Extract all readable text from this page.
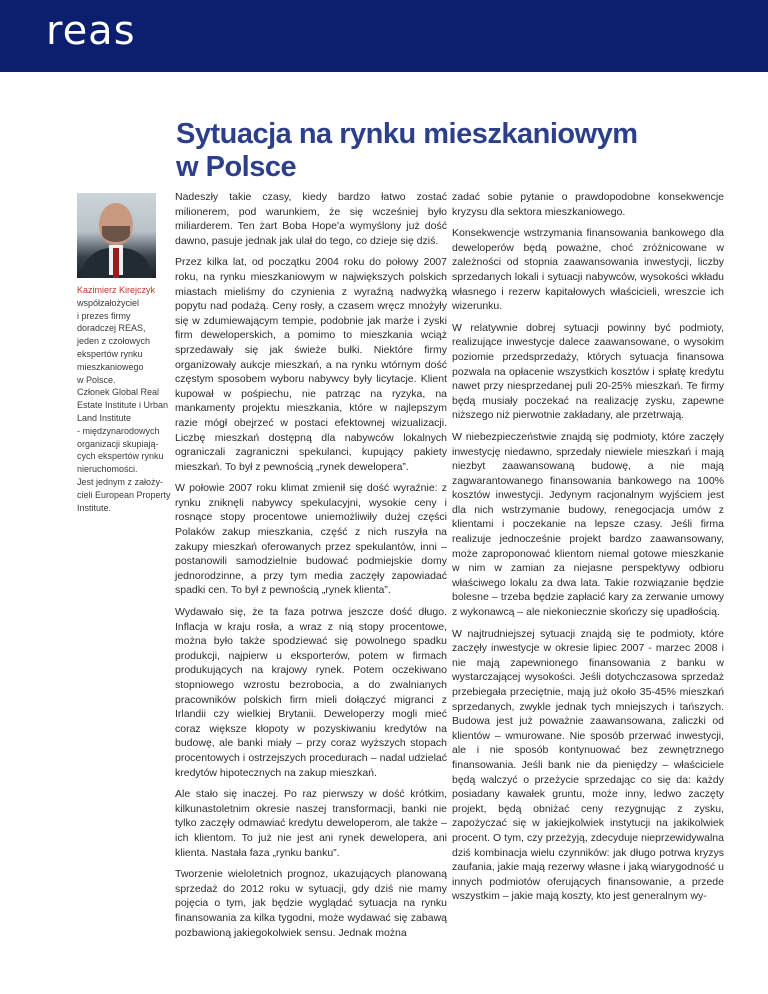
reas
Sytuacja na rynku mieszkaniowym
w Polsce
Kazimierz Kirejczyk
współzałożyciel
i prezes firmy
doradczej REAS,
jeden z czołowych
ekspertów rynku
mieszkaniowego
w Polsce.
Członek Global Real
Estate Institute i Urban
Land Institute
- międzynarodowych
organizacji skupiają-
cych ekspertów rynku
nieruchomości.
Jest jednym z założy-
cieli European Property
Institute.

Nadeszły takie czasy, kiedy bardzo łatwo zostać milionerem, pod warunkiem, że się wcześniej było miliarderem. Ten żart Boba Hope'a wymyślony już dość dawno, pasuje jednak jak ulał do tego, co dzieje się dziś.

Przez kilka lat, od początku 2004 roku do połowy 2007 roku, na rynku mieszkaniowym w największych polskich miastach mieliśmy do czynienia z wyraźną nadwyżką popytu nad podażą. Ceny rosły, a czasem wręcz mnożyły się w zdumiewającym tempie, podobnie jak marże i zyski firm deweloperskich, a pomimo to mieszkania wciąż sprzedawały się jak świeże bułki. Niektóre firmy organizowały aukcje mieszkań, a na rynku wtórnym dość częstym sposobem wyboru nabywcy były licytacje. Klient kupował w pośpiechu, nie patrząc na ryzyka, na mankamenty projektu mieszkania, które w najlepszym razie mógł obejrzeć w postaci efektownej wizualizacji. Liczbę mieszkań dostępną dla nabywców lokalnych ograniczali zagraniczni spekulanci, kupujący pakiety mieszkań. To był z pewnością „rynek dewelopera”.

W połowie 2007 roku klimat zmienił się dość wyraźnie: z rynku zniknęli nabywcy spekulacyjni, wysokie ceny i rosnące stopy procentowe uniemożliwiły dużej części Polaków zakup mieszkania, część z nich ruszyła na zakupy mieszkań oferowanych przez spekulantów, inni – postanowili samodzielnie budować podmiejskie domy jednorodzinne, a przy tym media zaczęły zapowiadać spadki cen. To był z pewnością „rynek klienta”.

Wydawało się, że ta faza potrwa jeszcze dość długo. Inflacja w kraju rosła, a wraz z nią stopy procentowe, można było także spodziewać się powolnego spadku produkcji, najpierw u eksporterów, potem w firmach produkujących na krajowy rynek. Potem oczekiwano stopniowego wzrostu bezrobocia, a do zwalnianych pracowników polskich firm mieli dołączyć migranci z Irlandii czy wielkiej Brytanii. Deweloperzy mogli mieć coraz większe kłopoty w pozyskiwaniu kredytów na budowę, ale banki miały – przy coraz wyższych stopach procentowych i ostrzejszych procedurach – nadal udzielać kredytów hipotecznych na zakup mieszkań.

Ale stało się inaczej. Po raz pierwszy w dość krótkim, kilkunastoletnim okresie naszej transformacji, banki nie tylko zaczęły odmawiać kredytu deweloperom, ale także – ich klientom. To już nie jest ani rynek dewelopera, ani klienta. Nastała faza „rynku banku”.

Tworzenie wieloletnich prognoz, ukazujących planowaną sprzedaż do 2012 roku w sytuacji, gdy dziś nie mamy pojęcia o tym, jak będzie wyglądać sytuacja na rynku finansowania za kilka tygodni, może wydawać się zabawą pozbawioną jakiegokolwiek sensu. Jednak można

zadać sobie pytanie o prawdopodobne konsekwencje kryzysu dla sektora mieszkaniowego.

Konsekwencje wstrzymania finansowania bankowego dla deweloperów będą poważne, choć zróżnicowane w zależności od stopnia zaawansowania inwestycji, liczby sprzedanych lokali i sytuacji nabywców, wysokości wkładu własnego i rezerw kapitałowych właścicieli, wreszcie ich wizerunku.

W relatywnie dobrej sytuacji powinny być podmioty, realizujące inwestycje dalece zaawansowane, o wysokim poziomie przedsprzedaży, których sytuacja finansowa pozwala na opłacenie wszystkich kosztów i spłatę kredytu nawet przy niesprzedanej puli 20-25% mieszkań. Te firmy będą musiały poczekać na realizację zysku, zapewne niższego niż pierwotnie zakładany, ale przetrwają.

W niebezpieczeństwie znajdą się podmioty, które zaczęły inwestycję niedawno, sprzedały niewiele mieszkań i mają niezbyt zaawansowaną budowę, a nie mają zagwarantowanego finansowania bankowego na 100% kosztów inwestycji. Jedynym racjonalnym wyjściem jest dla nich wstrzymanie budowy, renegocjacja umów z klientami i poczekanie na lepsze czasy. Jeśli firma realizuje jednocześnie projekt bardzo zaawansowany, może zaproponować klientom niemal gotowe mieszkanie w nim w zamian za niejasne perspektywy odbioru właściwego lokalu za dwa lata. Takie rozwiązanie będzie bolesne – trzeba będzie zapłacić kary za zerwanie umowy z wykonawcą – ale niekoniecznie skończy się upadłością.

W najtrudniejszej sytuacji znajdą się te podmioty, które zaczęły inwestycje w okresie lipiec 2007 - marzec 2008 i nie mają zapewnionego finansowania z banku w wystarczającej wysokości. Jeśli dotychczasowa sprzedaż przebiegała przeciętnie, mają już około 35-45% mieszkań sprzedanych, zwykle jednak tych mniejszych i tańszych. Budowa jest już poważnie zaawansowana, zaliczki od klientów – wmurowane. Nie sposób przerwać inwestycji, ale i nie sposób kontynuować bez zewnętrznego finansowania. Jeśli bank nie da pieniędzy – właściciele będą walczyć o przeżycie sprzedając co się da: każdy posiadany kawałek gruntu, może inny, ledwo zaczęty projekt, będą obniżać ceny rezygnując z zysku, zapożyczać się w jakiejkolwiek instytucji na jakikolwiek procent. O tym, czy przeżyją, zdecyduje nieprzewidywalna dziś kombinacja wielu czynników: jak długo potrwa kryzys zaufania, jakie mają rezerwy własne i jaką wiarygodność u innych podmiotów oferujących finansowanie, a przede wszystkim – jakie mają koszty, kto jest generalnym wy-
